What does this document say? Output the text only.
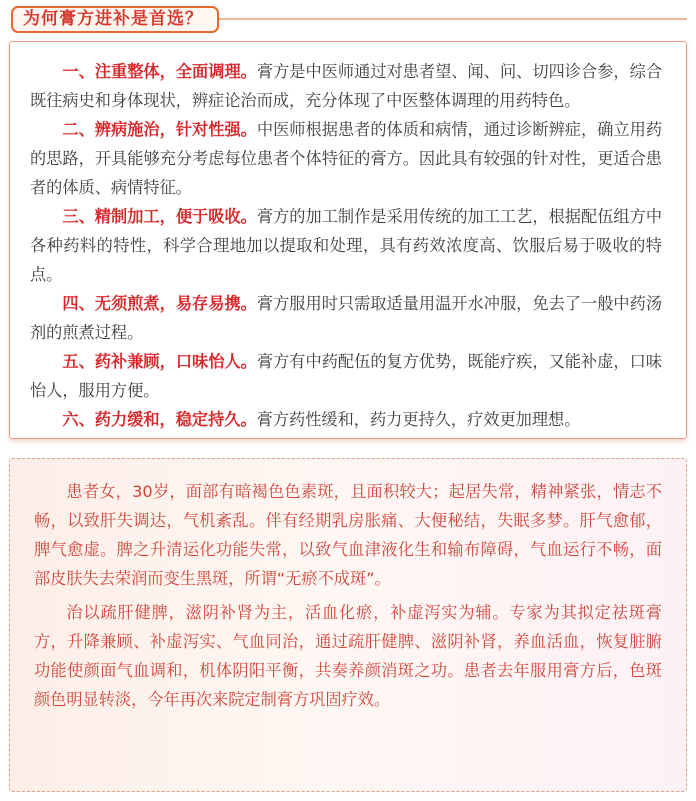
为何膏方进补是首选？

一、注重整体，全面调理。膏方是中医师通过对患者望、闻、问、切四诊合参，综合既往病史和身体现状，辨症论治而成，充分体现了中医整体调理的用药特色。

二、辨病施治，针对性强。中医师根据患者的体质和病情，通过诊断辨症，确立用药的思路，开具能够充分考虑每位患者个体特征的膏方。因此具有较强的针对性，更适合患者的体质、病情特征。

三、精制加工，便于吸收。膏方的加工制作是采用传统的加工工艺，根据配伍组方中各种药料的特性，科学合理地加以提取和处理，具有药效浓度高、饮服后易于吸收的特点。

四、无须煎煮，易存易携。膏方服用时只需取适量用温开水冲服，免去了一般中药汤剂的煎煮过程。

五、药补兼顾，口味怡人。膏方有中药配伍的复方优势，既能疗疾，又能补虚，口味怡人，服用方便。

六、药力缓和，稳定持久。膏方药性缓和，药力更持久，疗效更加理想。

患者女，30岁，面部有暗褐色色素斑，且面积较大；起居失常，精神紧张，情志不畅，以致肝失调达，气机紊乱。伴有经期乳房胀痛、大便秘结，失眠多梦。肝气愈郁，脾气愈虚。脾之升清运化功能失常，以致气血津液化生和输布障碍，气血运行不畅，面部皮肤失去荣润而变生黑斑，所谓“无瘀不成斑”。

治以疏肝健脾，滋阴补肾为主，活血化瘀，补虚泻实为辅。专家为其拟定祛斑膏方，升降兼顾、补虚泻实、气血同治，通过疏肝健脾、滋阴补肾，养血活血，恢复脏腑功能使颜面气血调和，机体阴阳平衡，共奏养颜消斑之功。患者去年服用膏方后，色斑颜色明显转淡，今年再次来院定制膏方巩固疗效。
